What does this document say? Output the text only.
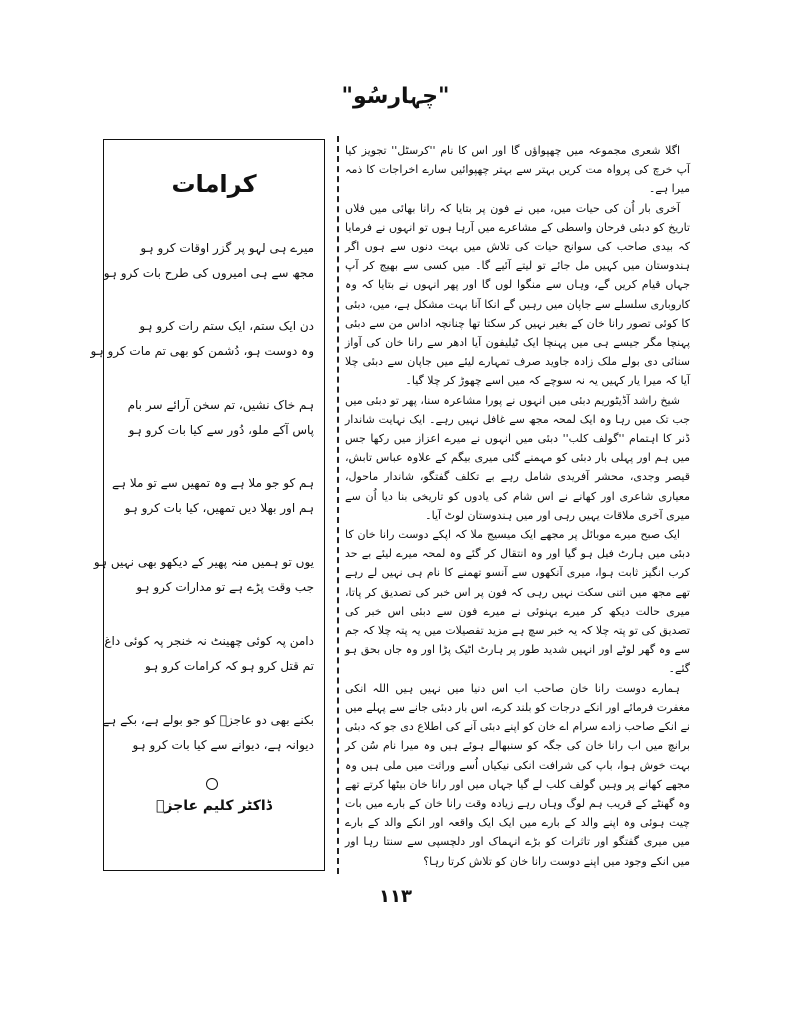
"چہارسُو"
کرامات
میرے ہی لہو پر گزر اوقات کرو ہو
مجھ سے ہی امیروں کی طرح بات کرو ہو
دن ایک ستم، ایک ستم رات کرو ہو
وہ دوست ہو، دُشمن کو بھی تم مات کرو ہو
ہم خاک نشیں، تم سخن آرائے سر بام
پاس آکے ملو، دُور سے کیا بات کرو ہو
ہم کو جو ملا ہے وہ تمھیں سے تو ملا ہے
ہم اور بھلا دیں تمھیں، کیا بات کرو ہو
یوں تو ہمیں منہ پھیر کے دیکھو بھی نہیں ہو
جب وقت پڑے ہے تو مدارات کرو ہو
دامن پہ کوئی چھینٹ نہ خنجر پہ کوئی داغ
تم قتل کرو ہو کہ کرامات کرو ہو
بکنے بھی دو عاجزؔ کو جو بولے ہے، بکے ہے
دیوانہ ہے، دیوانے سے کیا بات کرو ہو
ڈاکٹر کلیم عاجزؔ

اگلا شعری مجموعہ میں چھپواؤں گا اور اس کا نام ''کرسٹل'' تجویز کیا آپ خرچ کی پرواہ مت کریں بہتر سے بہتر چھپوائیں سارے اخراجات کا ذمہ میرا ہے۔

آخری بار اُن کی حیات میں، میں نے فون پر بتایا کہ رانا بھائی میں فلاں تاریخ کو دبئی فرحان واسطی کے مشاعرے میں آرہا ہوں تو انہوں نے فرمایا کہ بیدی صاحب کی سوانح حیات کی تلاش میں بہت دنوں سے ہوں اگر ہندوستان میں کہیں مل جائے تو لیتے آئیے گا۔ میں کسی سے بھیج کر آپ جہاں قیام کریں گے، وہاں سے منگوا لوں گا اور پھر انہوں نے بتایا کہ وہ کاروباری سلسلے سے جاپان میں رہیں گے انکا آنا بہت مشکل ہے، میں، دبئی کا کوئی تصور رانا خان کے بغیر نہیں کر سکتا تھا چنانچہ اداس من سے دبئی پہنچا مگر جیسے ہی میں پہنچا ایک ٹیلیفون آیا ادھر سے رانا خان کی آواز سنائی دی بولے ملک زادہ جاوید صرف تمہارے لیئے میں جاپان سے دبئی چلا آیا کہ میرا یار کہیں یہ نہ سوچے کہ میں اسے چھوڑ کر چلا گیا۔

شیخ راشد آڈیٹوریم دبئی میں انہوں نے پورا مشاعرہ سنا، پھر تو دبئی میں جب تک میں رہا وہ ایک لمحہ مجھ سے غافل نہیں رہے۔ ایک نہایت شاندار ڈنر کا اہتمام ''گولف کلب'' دبئی میں انہوں نے میرے اعزاز میں رکھا جس میں ہم اور پہلی بار دبئی کو مہمنے گئی میری بیگم کے علاوہ عباس تابش، قیصر وجدی، محشر آفریدی شامل رہے بے تکلف گفتگو، شاندار ماحول، معیاری شاعری اور کھانے نے اس شام کی یادوں کو تاریخی بنا دیا اُن سے میری آخری ملاقات یہیں رہی اور میں ہندوستان لوٹ آیا۔

ایک صبح میرے موبائل پر مجھے ایک میسیج ملا کہ اپکے دوست رانا خان کا دبئی میں ہارٹ فیل ہو گیا اور وہ انتقال کر گئے وہ لمحہ میرے لیئے بے حد کرب انگیز ثابت ہوا، میری آنکھوں سے آنسو تھمنے کا نام ہی نہیں لے رہے تھے مجھ میں اتنی سکت نہیں رہی کہ فون پر اس خبر کی تصدیق کر پاتا، میری حالت دیکھ کر میرے بہنوئی نے میرے فون سے دبئی اس خبر کی تصدیق کی تو پتہ چلا کہ یہ خبر سچ ہے مزید تفصیلات میں یہ پتہ چلا کہ جم سے وہ گھر لوٹے اور انہیں شدید طور پر ہارٹ اٹیک پڑا اور وہ جاں بحق ہو گئے۔

ہمارے دوست رانا خان صاحب اب اس دنیا میں نہیں ہیں اللہ انکی مغفرت فرمائے اور انکے درجات کو بلند کرے، اس بار دبئی جانے سے پہلے میں نے انکے صاحب زادے سرام اے خان کو اپنے دبئی آنے کی اطلاع دی جو کہ دبئی برانچ میں اب رانا خان کی جگہ کو سنبھالے ہوئے ہیں وہ میرا نام سُن کر بہت خوش ہوا، باپ کی شرافت انکی نیکیاں اُسے وراثت میں ملی ہیں وہ مجھے کھانے پر وہیں گولف کلب لے گیا جہاں میں اور رانا خان بیٹھا کرتے تھے وہ گھنٹے کے قریب ہم لوگ وہاں رہے زیادہ وقت رانا خان کے بارے میں بات چیت ہوئی وہ اپنے والد کے بارے میں ایک ایک واقعہ اور انکے والد کے بارے میں میری گفتگو اور تاثرات کو بڑے انہماک اور دلچسپی سے سنتا رہا اور میں انکے وجود میں اپنے دوست رانا خان کو تلاش کرتا رہا؟

١١٣
